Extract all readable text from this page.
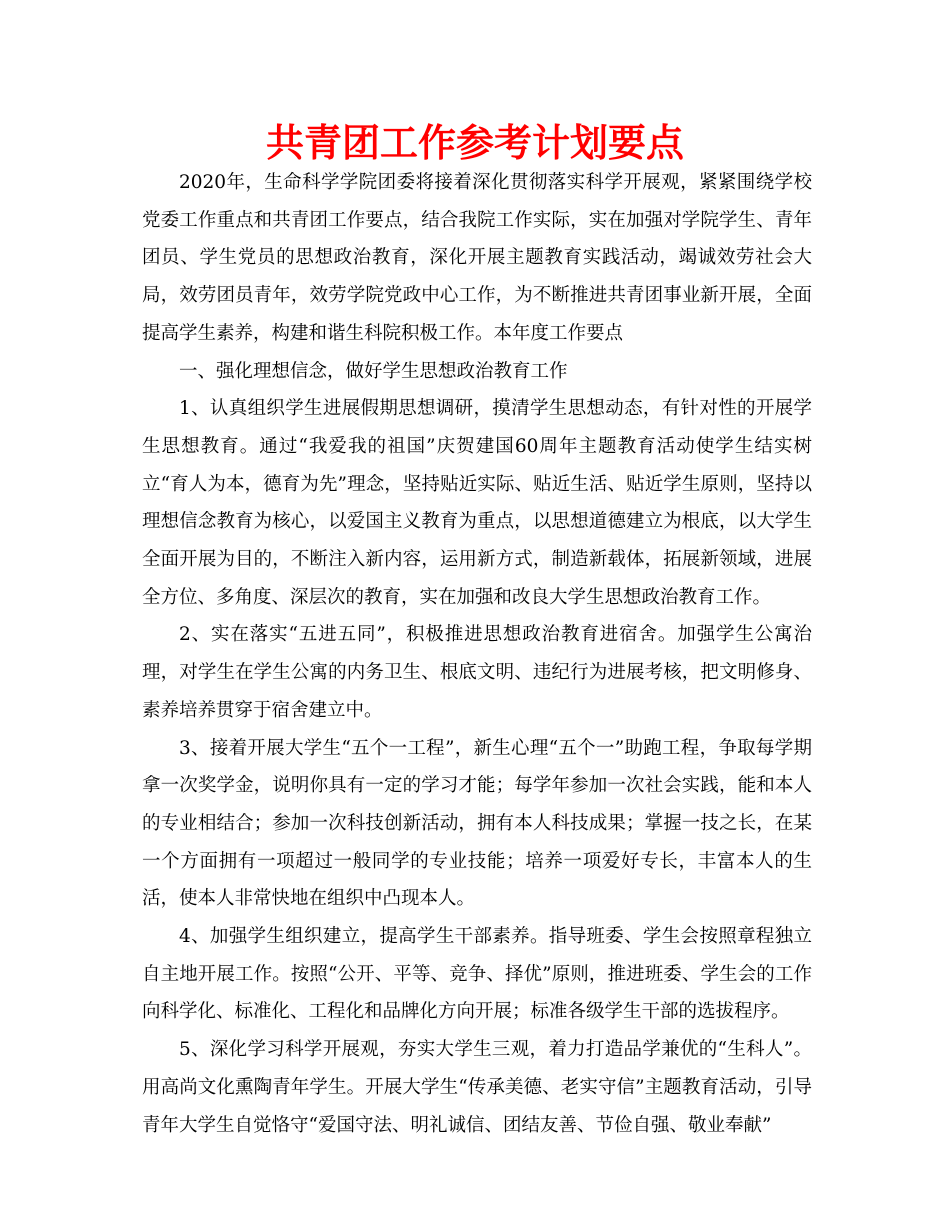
共青团工作参考计划要点

2020年，生命科学学院团委将接着深化贯彻落实科学开展观，紧紧围绕学校党委工作重点和共青团工作要点，结合我院工作实际，实在加强对学院学生、青年团员、学生党员的思想政治教育，深化开展主题教育实践活动，竭诚效劳社会大局，效劳团员青年，效劳学院党政中心工作，为不断推进共青团事业新开展，全面提高学生素养，构建和谐生科院积极工作。本年度工作要点

一、强化理想信念，做好学生思想政治教育工作

1、认真组织学生进展假期思想调研，摸清学生思想动态，有针对性的开展学生思想教育。通过“我爱我的祖国”庆贺建国60周年主题教育活动使学生结实树立“育人为本，德育为先”理念，坚持贴近实际、贴近生活、贴近学生原则，坚持以理想信念教育为核心，以爱国主义教育为重点，以思想道德建立为根底，以大学生全面开展为目的，不断注入新内容，运用新方式，制造新载体，拓展新领域，进展全方位、多角度、深层次的教育，实在加强和改良大学生思想政治教育工作。

2、实在落实“五进五同”，积极推进思想政治教育进宿舍。加强学生公寓治理，对学生在学生公寓的内务卫生、根底文明、违纪行为进展考核，把文明修身、素养培养贯穿于宿舍建立中。

3、接着开展大学生“五个一工程”，新生心理“五个一”助跑工程，争取每学期拿一次奖学金，说明你具有一定的学习才能；每学年参加一次社会实践，能和本人的专业相结合；参加一次科技创新活动，拥有本人科技成果；掌握一技之长，在某一个方面拥有一项超过一般同学的专业技能；培养一项爱好专长，丰富本人的生活，使本人非常快地在组织中凸现本人。

4、加强学生组织建立，提高学生干部素养。指导班委、学生会按照章程独立自主地开展工作。按照“公开、平等、竞争、择优”原则，推进班委、学生会的工作向科学化、标准化、工程化和品牌化方向开展；标准各级学生干部的选拔程序。

5、深化学习科学开展观，夯实大学生三观，着力打造品学兼优的“生科人”。用高尚文化熏陶青年学生。开展大学生“传承美德、老实守信”主题教育活动，引导青年大学生自觉恪守“爱国守法、明礼诚信、团结友善、节俭自强、敬业奉献”
